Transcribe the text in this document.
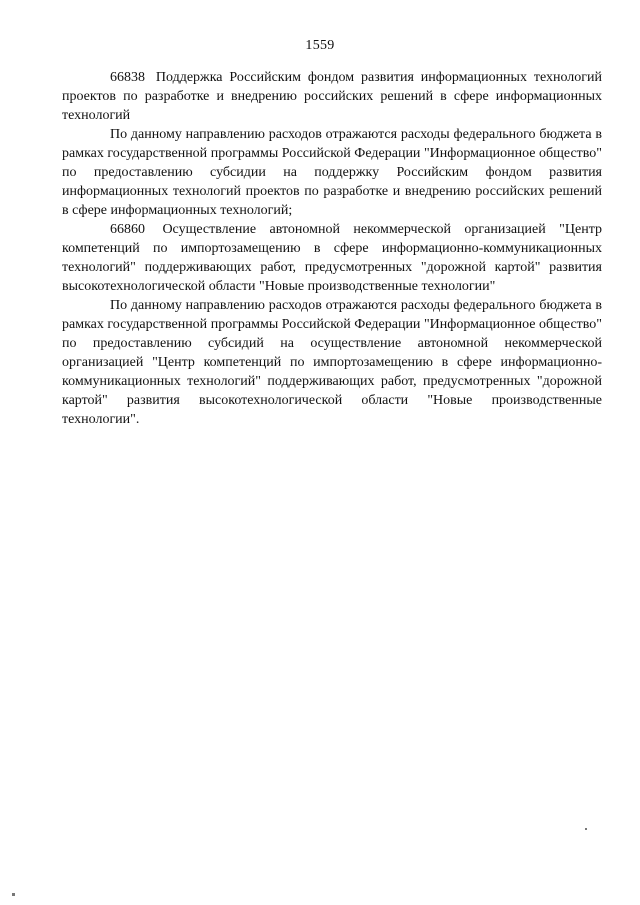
1559

66838 Поддержка Российским фондом развития информационных технологий проектов по разработке и внедрению российских решений в сфере информационных технологий

По данному направлению расходов отражаются расходы федерального бюджета в рамках государственной программы Российской Федерации "Информационное общество" по предоставлению субсидии на поддержку Российским фондом развития информационных технологий проектов по разработке и внедрению российских решений в сфере информационных технологий;

66860 Осуществление автономной некоммерческой организацией "Центр компетенций по импортозамещению в сфере информационно-коммуникационных технологий" поддерживающих работ, предусмотренных "дорожной картой" развития высокотехнологической области "Новые производственные технологии"

По данному направлению расходов отражаются расходы федерального бюджета в рамках государственной программы Российской Федерации "Информационное общество" по предоставлению субсидий на осуществление автономной некоммерческой организацией "Центр компетенций по импортозамещению в сфере информационно-коммуникационных технологий" поддерживающих работ, предусмотренных "дорожной картой" развития высокотехнологической области "Новые производственные технологии".
